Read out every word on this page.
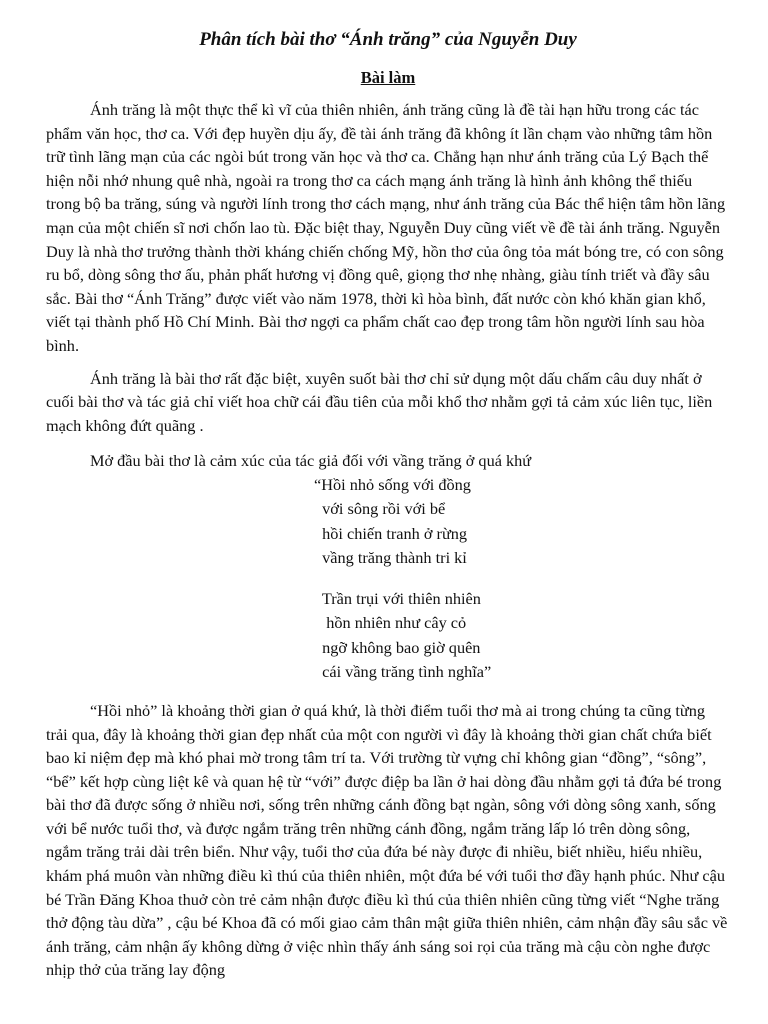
Phân tích bài thơ “Ánh trăng” của Nguyễn Duy
Bài làm

Ánh trăng là một thực thể kì vĩ của thiên nhiên, ánh trăng cũng là đề tài hạn hữu trong các tác phẩm văn học, thơ ca. Với đẹp huyền dịu ấy, đề tài ánh trăng đã không ít lần chạm vào những tâm hồn trữ tình lãng mạn của các ngòi bút trong văn học và thơ ca. Chẳng hạn như ánh trăng của Lý Bạch thể hiện nỗi nhớ nhung quê nhà, ngoài ra trong thơ ca cách mạng ánh trăng là hình ảnh không thể thiếu trong bộ ba trăng, súng và người lính trong thơ cách mạng, như ánh trăng của Bác thể hiện tâm hồn lãng mạn của một chiến sĩ nơi chốn lao tù. Đặc biệt thay, Nguyễn Duy cũng viết về đề tài ánh trăng. Nguyễn Duy là nhà thơ trưởng thành thời kháng chiến chống Mỹ, hồn thơ của ông tỏa mát bóng tre, có con sông ru bổ, dòng sông thơ ấu, phản phất hương vị đồng quê, giọng thơ nhẹ nhàng, giàu tính triết và đầy sâu sắc. Bài thơ “Ánh Trăng” được viết vào năm 1978, thời kì hòa bình, đất nước còn khó khăn gian khổ, viết tại thành phố Hồ Chí Minh. Bài thơ ngợi ca phẩm chất cao đẹp trong tâm hồn người lính sau hòa bình.

Ánh trăng là bài thơ rất đặc biệt, xuyên suốt bài thơ chỉ sử dụng một dấu chấm câu duy nhất ở cuối bài thơ và tác giả chỉ viết hoa chữ cái đầu tiên của mỗi khổ thơ nhằm gợi tả cảm xúc liên tục, liền mạch không đứt quãng .

Mở đầu bài thơ là cảm xúc của tác giả đối với vầng trăng ở quá khứ

“Hồi nhỏ sống với đồng
với sông rồi với bể
hồi chiến tranh ở rừng
vầng trăng thành tri kỉ
Trần trụi với thiên nhiên
hồn nhiên như cây cỏ
ngỡ không bao giờ quên
cái vầng trăng tình nghĩa”

“Hồi nhỏ” là khoảng thời gian ở quá khứ, là thời điểm tuổi thơ mà ai trong chúng ta cũng từng trải qua, đây là khoảng thời gian đẹp nhất của một con người vì đây là khoảng thời gian chất chứa biết bao kỉ niệm đẹp mà khó phai mờ trong tâm trí ta. Với trường từ vựng chỉ không gian “đồng”, “sông”, “bể” kết hợp cùng liệt kê và quan hệ từ “với” được điệp ba lần ở hai dòng đầu nhằm gợi tả đứa bé trong bài thơ đã được sống ở nhiều nơi, sống trên những cánh đồng bạt ngàn, sông với dòng sông xanh, sống với bể nước tuổi thơ, và được ngắm trăng trên những cánh đồng, ngắm trăng lấp ló trên dòng sông, ngắm trăng trải dài trên biển. Như vậy, tuổi thơ của đứa bé này được đi nhiều, biết nhiều, hiểu nhiều, khám phá muôn vàn những điều kì thú của thiên nhiên, một đứa bé với tuổi thơ đầy hạnh phúc. Như cậu bé Trần Đăng Khoa thuở còn trẻ cảm nhận được điều kì thú của thiên nhiên cũng từng viết “Nghe trăng thở động tàu dừa” , cậu bé Khoa đã có mối giao cảm thân mật giữa thiên nhiên, cảm nhận đầy sâu sắc về ánh trăng, cảm nhận ấy không dừng ở việc nhìn thấy ánh sáng soi rọi của trăng mà cậu còn nghe được nhịp thở của trăng lay động
